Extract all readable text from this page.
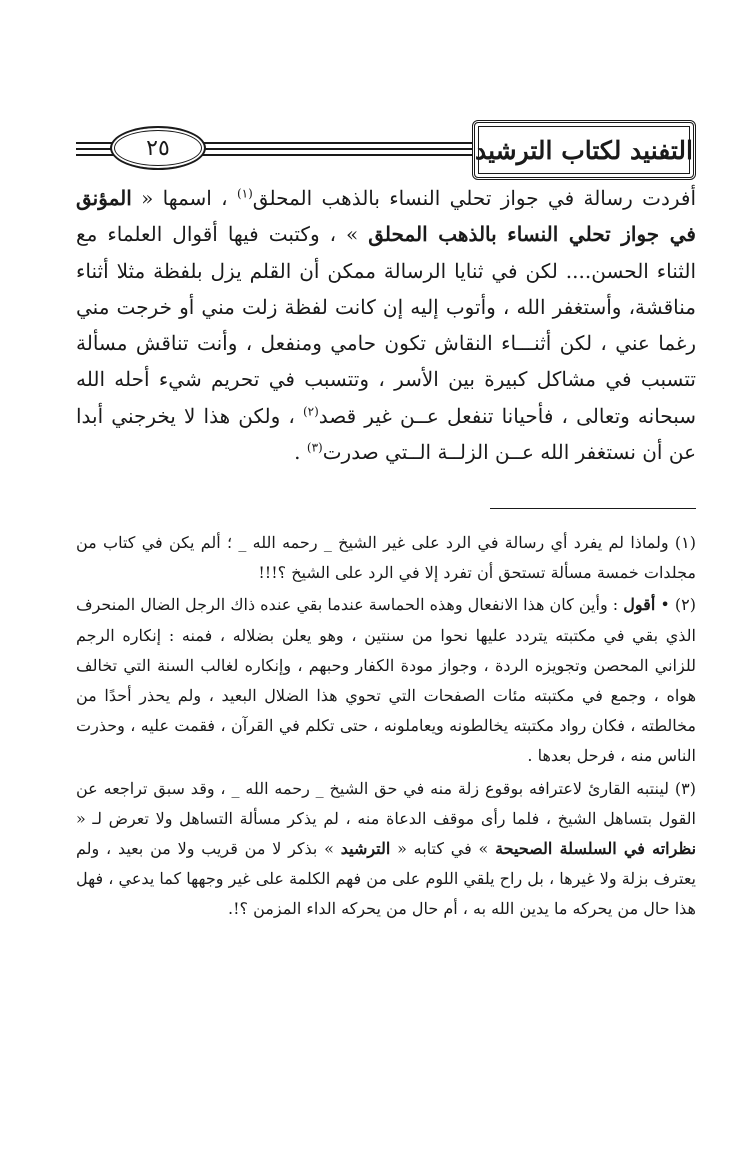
التفنيد لكتاب الترشيد
٢٥

أفردت رسالة في جواز تحلي النساء بالذهب المحلق$^{(١)}$ ، اسمها « المؤنق في جواز تحلي النساء بالذهب المحلق » ، وكتبت فيها أقوال العلماء مع الثناء الحسن.... لكن في ثنايا الرسالة ممكن أن القلم يزل بلفظة مثلا أثناء مناقشة، وأستغفر الله ، وأتوب إليه إن كانت لفظة زلت مني أو خرجت مني رغما عني ، لكن أثنـــاء النقاش تكون حامي ومنفعل ، وأنت تناقش مسألة تتسبب في مشاكل كبيرة بين الأسر ، وتتسبب في تحريم شيء أحله الله سبحانه وتعالى ، فأحيانا تنفعل عــن غير قصد$^{(٢)}$ ، ولكن هذا لا يخرجني أبدا عن أن نستغفر الله عــن الزلــة الــتي صدرت$^{(٣)}$ .

(١) ولماذا لم يفرد أي رسالة في الرد على غير الشيخ _ رحمه الله _ ؛ ألم يكن في كتاب من مجلدات خمسة مسألة تستحق أن تفرد إلا في الرد على الشيخ ؟!!!

(٢) • أقول : وأين كان هذا الانفعال وهذه الحماسة عندما بقي عنده ذاك الرجل الضال المنحرف الذي بقي في مكتبته يتردد عليها نحوا من سنتين ، وهو يعلن بضلاله ، فمنه : إنكاره الرجم للزاني المحصن وتجويزه الردة ، وجواز مودة الكفار وحبهم ، وإنكاره لغالب السنة التي تخالف هواه ، وجمع في مكتبته مئات الصفحات التي تحوي هذا الضلال البعيد ، ولم يحذر أحدًا من مخالطته ، فكان رواد مكتبته يخالطونه ويعاملونه ، حتى تكلم في القرآن ، فقمت عليه ، وحذرت الناس منه ، فرحل بعدها .

(٣) لينتبه القارئ لاعترافه بوقوع زلة منه في حق الشيخ _ رحمه الله _ ، وقد سبق تراجعه عن القول بتساهل الشيخ ، فلما رأى موقف الدعاة منه ، لم يذكر مسألة التساهل ولا تعرض لـ « نظراته في السلسلة الصحيحة » في كتابه « الترشيد » بذكر لا من قريب ولا من بعيد ، ولم يعترف بزلة ولا غيرها ، بل راح يلقي اللوم على من فهم الكلمة على غير وجهها كما يدعي ، فهل هذا حال من يحركه ما يدين الله به ، أم حال من يحركه الداء المزمن ؟!.
